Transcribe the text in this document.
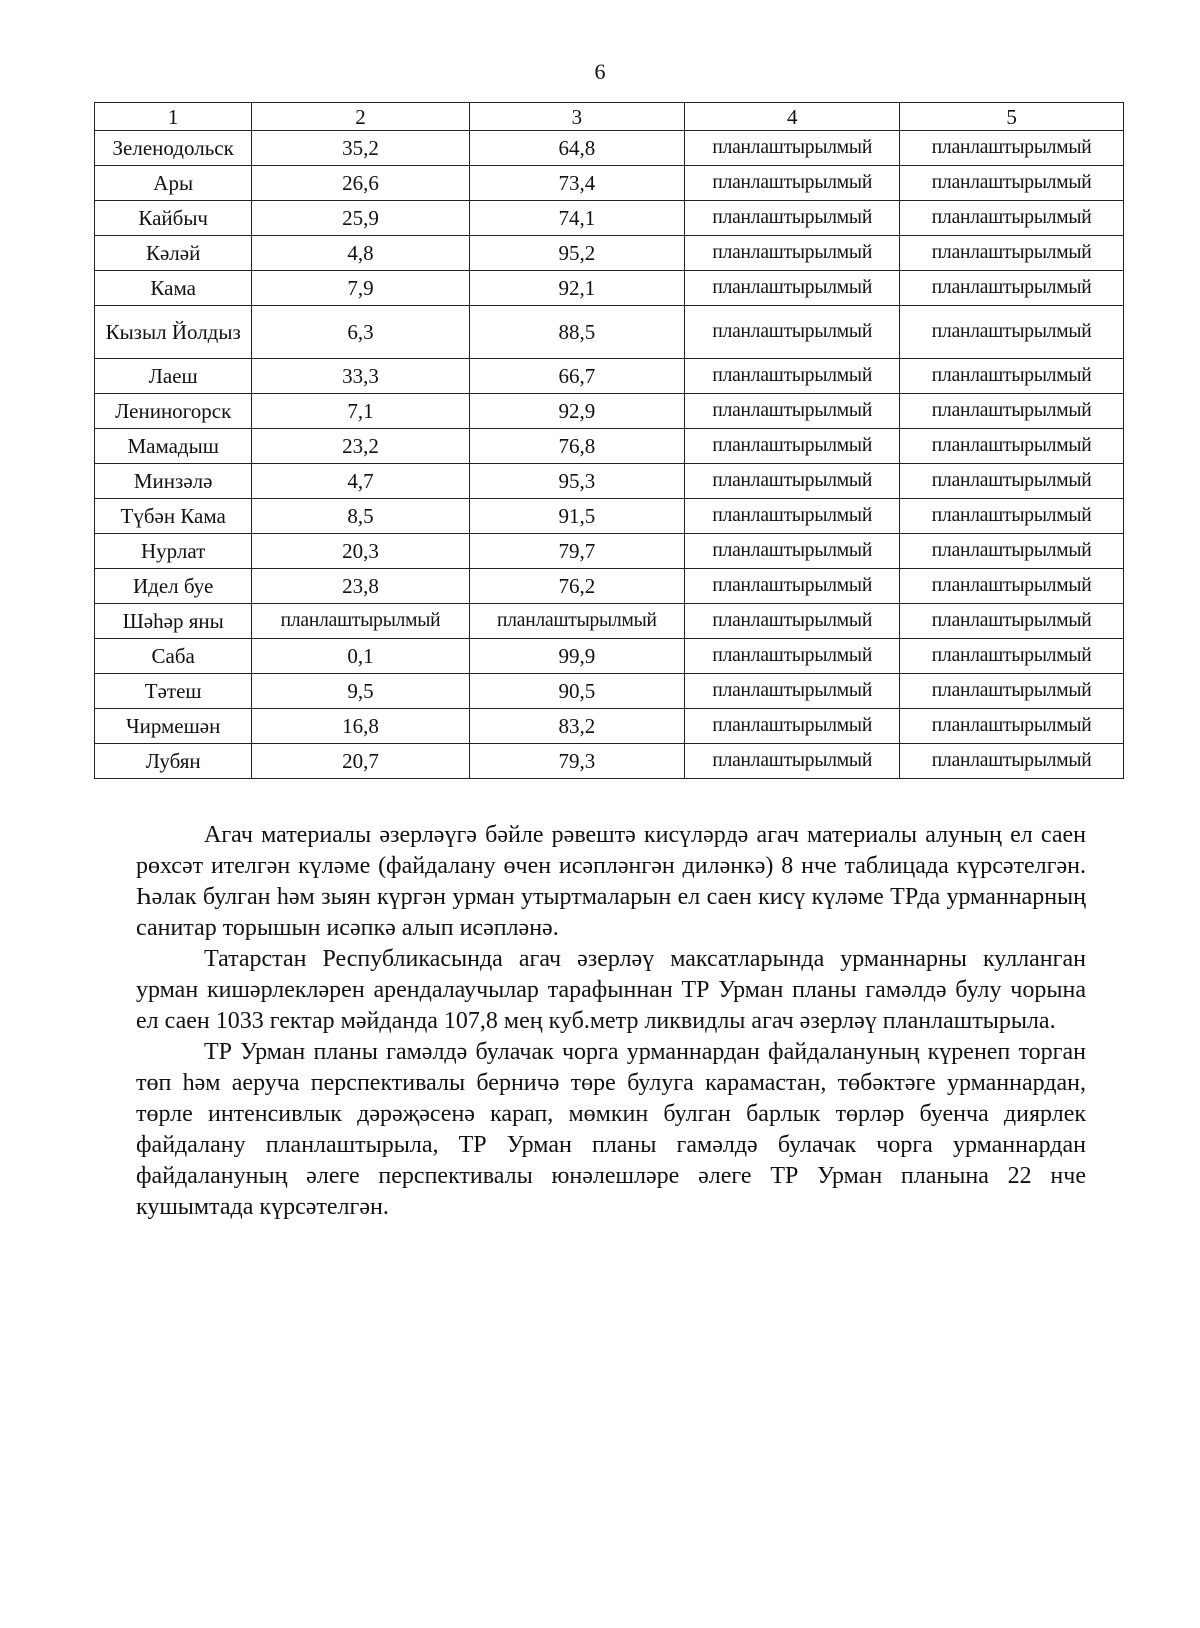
6
1	2	3	4	5
Зеленодольск	35,2	64,8	планлаштырылмый	планлаштырылмый
Ары	26,6	73,4	планлаштырылмый	планлаштырылмый
Кайбыч	25,9	74,1	планлаштырылмый	планлаштырылмый
Кәләй	4,8	95,2	планлаштырылмый	планлаштырылмый
Кама	7,9	92,1	планлаштырылмый	планлаштырылмый
Кызыл Йолдыз	6,3	88,5	планлаштырылмый	планлаштырылмый
Лаеш	33,3	66,7	планлаштырылмый	планлаштырылмый
Лениногорск	7,1	92,9	планлаштырылмый	планлаштырылмый
Мамадыш	23,2	76,8	планлаштырылмый	планлаштырылмый
Минзәлә	4,7	95,3	планлаштырылмый	планлаштырылмый
Түбән Кама	8,5	91,5	планлаштырылмый	планлаштырылмый
Нурлат	20,3	79,7	планлаштырылмый	планлаштырылмый
Идел буе	23,8	76,2	планлаштырылмый	планлаштырылмый
Шәһәр яны	планлаштырылмый	планлаштырылмый	планлаштырылмый	планлаштырылмый
Саба	0,1	99,9	планлаштырылмый	планлаштырылмый
Тәтеш	9,5	90,5	планлаштырылмый	планлаштырылмый
Чирмешән	16,8	83,2	планлаштырылмый	планлаштырылмый
Лубян	20,7	79,3	планлаштырылмый	планлаштырылмый

Агач материалы әзерләүгә бәйле рәвештә кисүләрдә агач материалы алуның ел саен рөхсәт ителгән күләме (файдалану өчен исәпләнгән диләнкә) 8 нче таблицада күрсәтелгән. Һәлак булган һәм зыян күргән урман утыртмаларын ел саен кисү күләме ТРда урманнарның санитар торышын исәпкә алып исәпләнә.

Татарстан Республикасында агач әзерләү максатларында урманнарны кулланган урман кишәрлекләрен арендалаучылар тарафыннан ТР Урман планы гамәлдә булу чорына ел саен 1033 гектар мәйданда 107,8 мең куб.метр ликвидлы агач әзерләү планлаштырыла.

ТР Урман планы гамәлдә булачак чорга урманнардан файдалануның күренеп торган төп һәм аеручa перспективалы берничә төре булуга карамастан, төбәктәге урманнардан, төрле интенсивлык дәрәҗәсенә карап, мөмкин булган барлык төрләр буенча диярлек файдалану планлаштырыла, ТР Урман планы гамәлдә булачак чорга урманнардан файдалануның әлеге перспективалы юнәлешләре әлеге ТР Урман планына 22 нче кушымтада күрсәтелгән.
